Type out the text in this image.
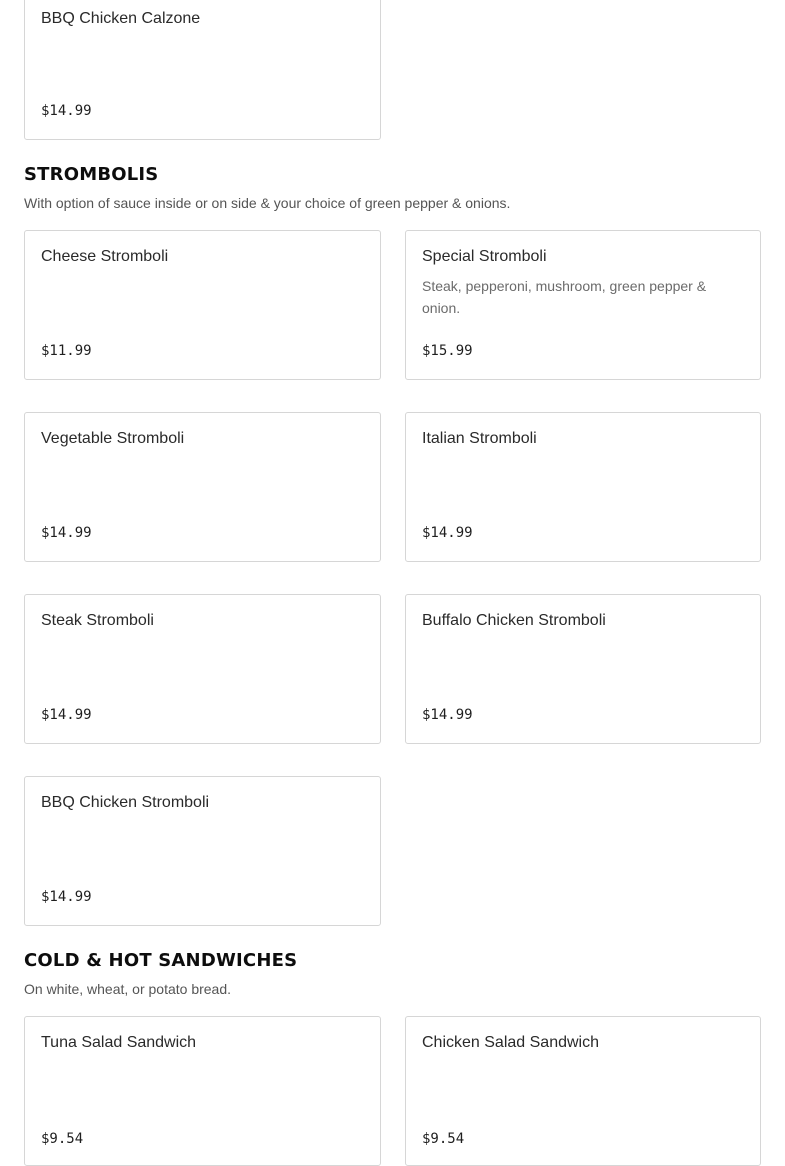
BBQ Chicken Calzone
$14.99
STROMBOLIS

With option of sauce inside or on side & your choice of green pepper & onions.

Cheese Stromboli
$11.99
Special Stromboli
Steak, pepperoni, mushroom, green pepper & onion.
$15.99
Vegetable Stromboli
$14.99
Italian Stromboli
$14.99
Steak Stromboli
$14.99
Buffalo Chicken Stromboli
$14.99
BBQ Chicken Stromboli
$14.99
COLD & HOT SANDWICHES

On white, wheat, or potato bread.

Tuna Salad Sandwich
$9.54
Chicken Salad Sandwich
$9.54
